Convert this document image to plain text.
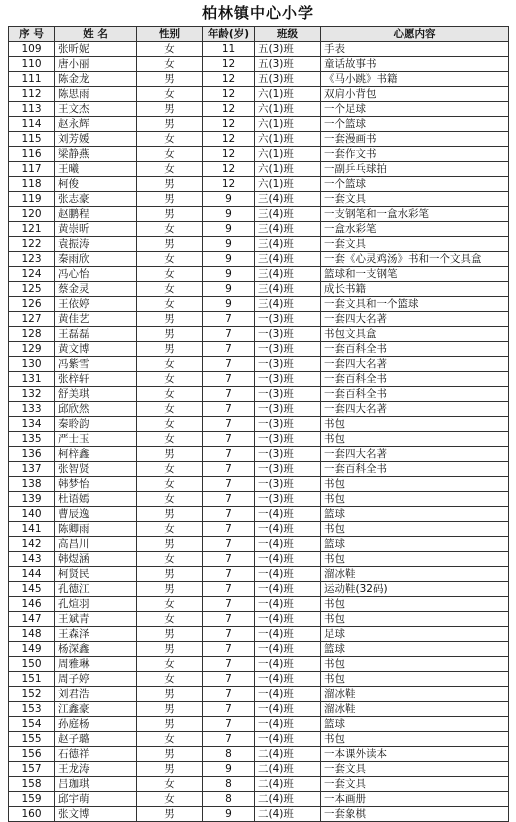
柏林镇中心小学
序 号	姓 名	性别	年龄(岁)	班级	心愿内容
109	张昕妮	女	11	五(3)班	手表
110	唐小丽	女	12	五(3)班	童话故事书
111	陈金龙	男	12	五(3)班	《马小跳》书籍
112	陈思雨	女	12	六(1)班	双肩小背包
113	王文杰	男	12	六(1)班	一个足球
114	赵永辉	男	12	六(1)班	一个篮球
115	刘芳媛	女	12	六(1)班	一套漫画书
116	梁静燕	女	12	六(1)班	一套作文书
117	王曦	女	12	六(1)班	一副乒乓球拍
118	柯俊	男	12	六(1)班	一个篮球
119	张志豪	男	9	三(4)班	一套文具
120	赵鹏程	男	9	三(4)班	一支钢笔和一盒水彩笔
121	黄崇昕	女	9	三(4)班	一盒水彩笔
122	袁振涛	男	9	三(4)班	一套文具
123	秦雨欣	女	9	三(4)班	一套《心灵鸡汤》书和一个文具盒
124	冯心怡	女	9	三(4)班	篮球和一支钢笔
125	蔡金灵	女	9	三(4)班	成长书籍
126	王依婷	女	9	三(4)班	一套文具和一个篮球
127	黄佳艺	男	7	一(3)班	一套四大名著
128	王磊磊	男	7	一(3)班	书包文具盒
129	黄文博	男	7	一(3)班	一套百科全书
130	冯紫雪	女	7	一(3)班	一套四大名著
131	张梓轩	女	7	一(3)班	一套百科全书
132	舒美琪	女	7	一(3)班	一套百科全书
133	邱欣然	女	7	一(3)班	一套四大名著
134	秦聆韵	女	7	一(3)班	书包
135	严士玉	女	7	一(3)班	书包
136	柯梓鑫	男	7	一(3)班	一套四大名著
137	张智贤	女	7	一(3)班	一套百科全书
138	韩梦怡	女	7	一(3)班	书包
139	杜语嫣	女	7	一(3)班	书包
140	曹辰逸	男	7	一(4)班	篮球
141	陈卿雨	女	7	一(4)班	书包
142	高昌川	男	7	一(4)班	篮球
143	韩煜涵	女	7	一(4)班	书包
144	柯贤民	男	7	一(4)班	溜冰鞋
145	孔德江	男	7	一(4)班	运动鞋(32码)
146	孔煊羽	女	7	一(4)班	书包
147	王斌青	女	7	一(4)班	书包
148	王森泽	男	7	一(4)班	足球
149	杨深鑫	男	7	一(4)班	篮球
150	周雅琳	女	7	一(4)班	书包
151	周子婷	女	7	一(4)班	书包
152	刘君浩	男	7	一(4)班	溜冰鞋
153	江鑫豪	男	7	一(4)班	溜冰鞋
154	孙庭杨	男	7	一(4)班	篮球
155	赵子璐	女	7	一(4)班	书包
156	石德祥	男	8	二(4)班	一本课外读本
157	王龙涛	男	9	二(4)班	一套文具
158	吕珈琪	女	8	二(4)班	一套文具
159	邱宇萌	女	8	二(4)班	一本画册
160	张文博	男	9	二(4)班	一套象棋
